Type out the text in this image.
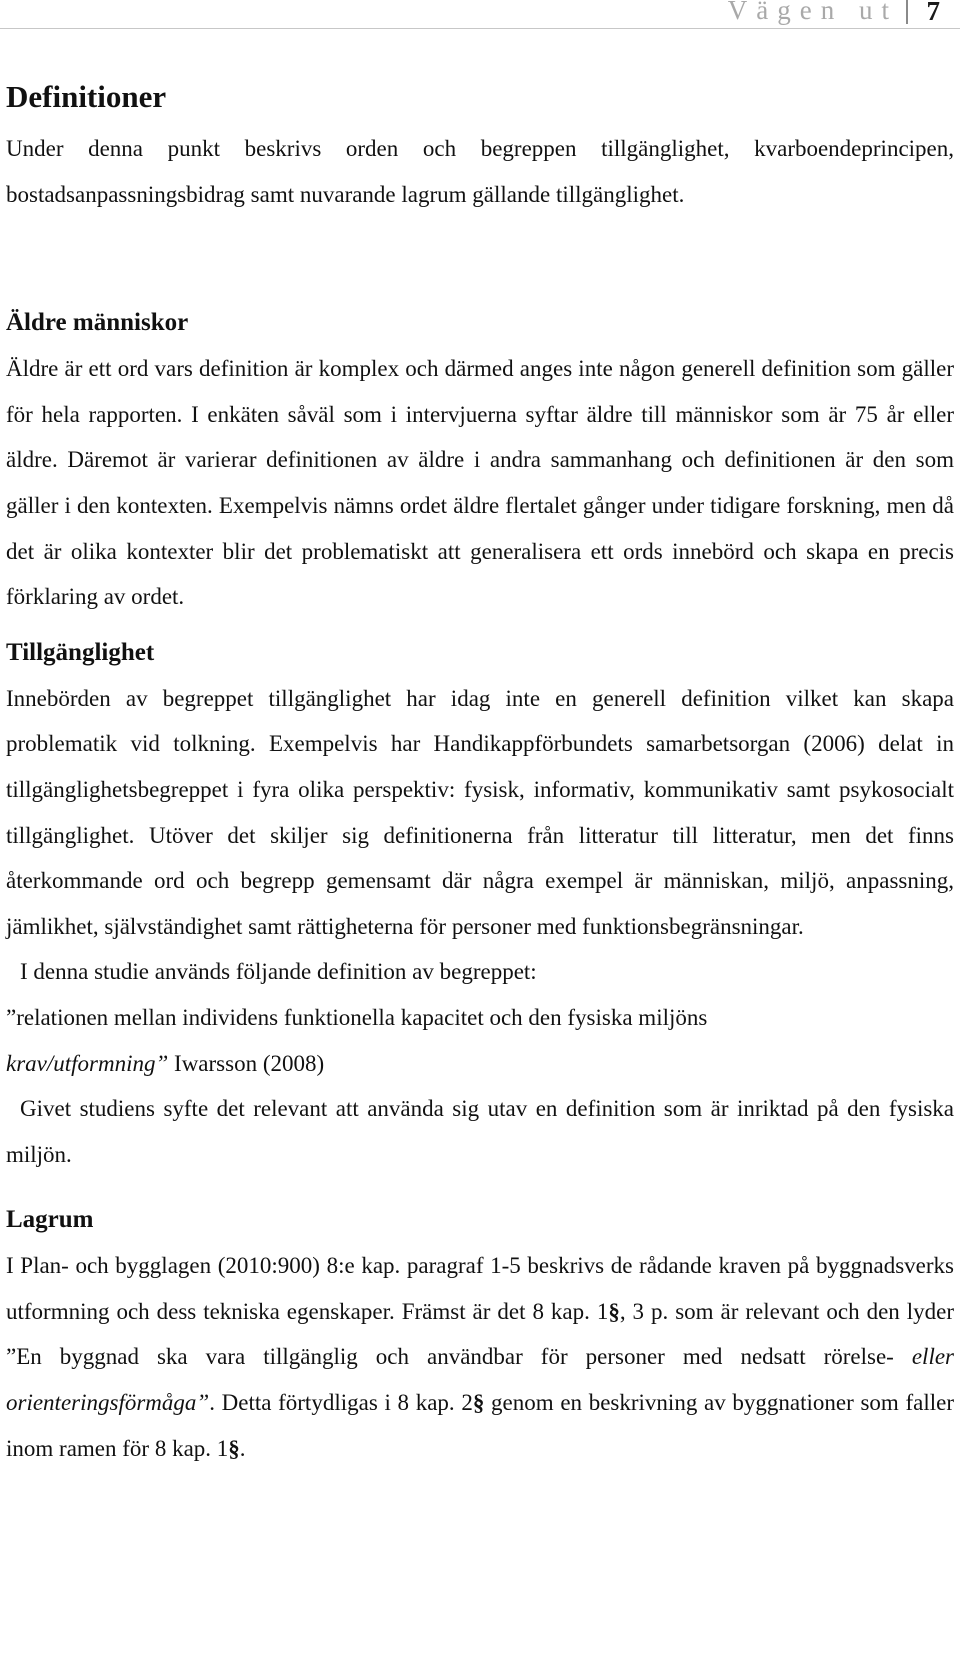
Vägen ut	7
Definitioner

Under denna punkt beskrivs orden och begreppen tillgänglighet, kvarboendeprincipen, bostadsanpassningsbidrag samt nuvarande lagrum gällande tillgänglighet.

Äldre människor

Äldre är ett ord vars definition är komplex och därmed anges inte någon generell definition som gäller för hela rapporten. I enkäten såväl som i intervjuerna syftar äldre till människor som är 75 år eller äldre. Däremot är varierar definitionen av äldre i andra sammanhang och definitionen är den som gäller i den kontexten. Exempelvis nämns ordet äldre flertalet gånger under tidigare forskning, men då det är olika kontexter blir det problematiskt att generalisera ett ords innebörd och skapa en precis förklaring av ordet.

Tillgänglighet

Innebörden av begreppet tillgänglighet har idag inte en generell definition vilket kan skapa problematik vid tolkning. Exempelvis har Handikappförbundets samarbetsorgan (2006) delat in tillgänglighetsbegreppet i fyra olika perspektiv: fysisk, informativ, kommunikativ samt psykosocialt tillgänglighet. Utöver det skiljer sig definitionerna från litteratur till litteratur, men det finns återkommande ord och begrepp gemensamt där några exempel är människan, miljö, anpassning, jämlikhet, självständighet samt rättigheterna för personer med funktionsbegränsningar.

I denna studie används följande definition av begreppet:

”relationen mellan individens funktionella kapacitet och den fysiska miljöns
krav/utformning” Iwarsson (2008)

Givet studiens syfte det relevant att använda sig utav en definition som är inriktad på den fysiska miljön.

Lagrum

I Plan- och bygglagen (2010:900) 8:e kap. paragraf 1-5 beskrivs de rådande kraven på byggnadsverks utformning och dess tekniska egenskaper. Främst är det 8 kap. 1§, 3 p. som är relevant och den lyder ”En byggnad ska vara tillgänglig och användbar för personer med nedsatt rörelse- eller orienteringsförmåga”. Detta förtydligas i 8 kap. 2§ genom en beskrivning av byggnationer som faller inom ramen för 8 kap. 1§.
